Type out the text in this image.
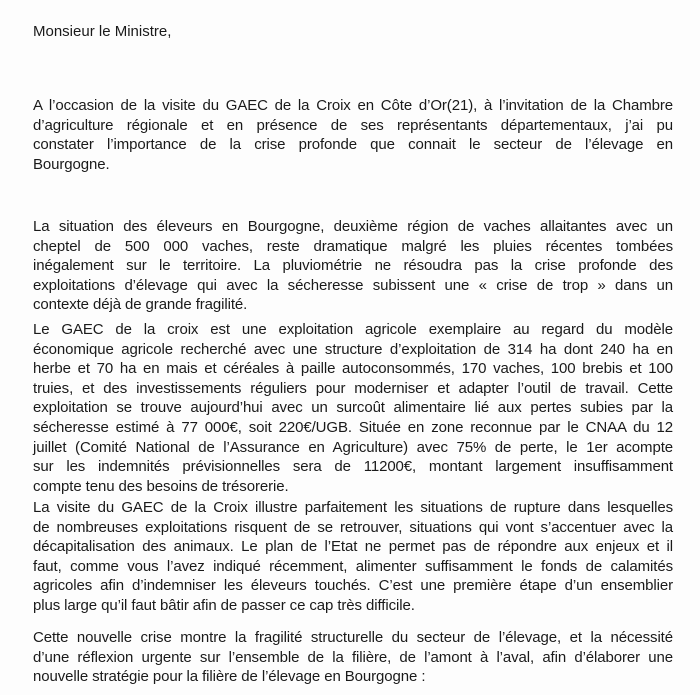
Monsieur le Ministre,
A l’occasion de la visite du GAEC de la Croix en Côte d’Or(21), à l’invitation de la Chambre
d’agriculture régionale et en présence de ses représentants départementaux, j’ai pu
constater l’importance de la crise profonde que connait le secteur de l’élevage en
Bourgogne.
La situation des éleveurs en Bourgogne, deuxième région de vaches allaitantes avec un
cheptel de 500 000 vaches, reste dramatique malgré les pluies récentes tombées
inégalement sur le territoire. La pluviométrie ne résoudra pas la crise profonde des
exploitations d’élevage qui avec la sécheresse subissent une « crise de trop » dans un
contexte déjà de grande fragilité.
Le GAEC de la croix est une exploitation agricole exemplaire au regard du modèle
économique agricole recherché avec une structure d’exploitation de 314 ha dont 240 ha en
herbe et 70 ha en mais et céréales à paille autoconsommés, 170 vaches, 100 brebis et 100
truies, et des investissements réguliers pour moderniser et adapter l’outil de travail. Cette
exploitation se trouve aujourd’hui avec un surcoût alimentaire lié aux pertes subies par la
sécheresse estimé à 77 000€, soit 220€/UGB. Située en zone reconnue par le CNAA du 12
juillet (Comité National de l’Assurance en Agriculture) avec 75% de perte, le 1er acompte
sur les indemnités prévisionnelles sera de 11200€, montant largement insuffisamment
compte tenu des besoins de trésorerie.
La visite du GAEC de la Croix illustre parfaitement les situations de rupture dans lesquelles
de nombreuses exploitations risquent de se retrouver, situations qui vont s’accentuer avec la
décapitalisation des animaux. Le plan de l’Etat ne permet pas de répondre aux enjeux et il
faut, comme vous l’avez indiqué récemment, alimenter suffisamment le fonds de calamités
agricoles afin d’indemniser les éleveurs touchés. C’est une première étape d’un ensemblier
plus large qu’il faut bâtir afin de passer ce cap très difficile.
Cette nouvelle crise montre la fragilité structurelle du secteur de l’élevage, et la nécessité
d’une réflexion urgente sur l’ensemble de la filière, de l’amont à l’aval, afin d’élaborer une
nouvelle stratégie pour la filière de l’élevage en Bourgogne :
